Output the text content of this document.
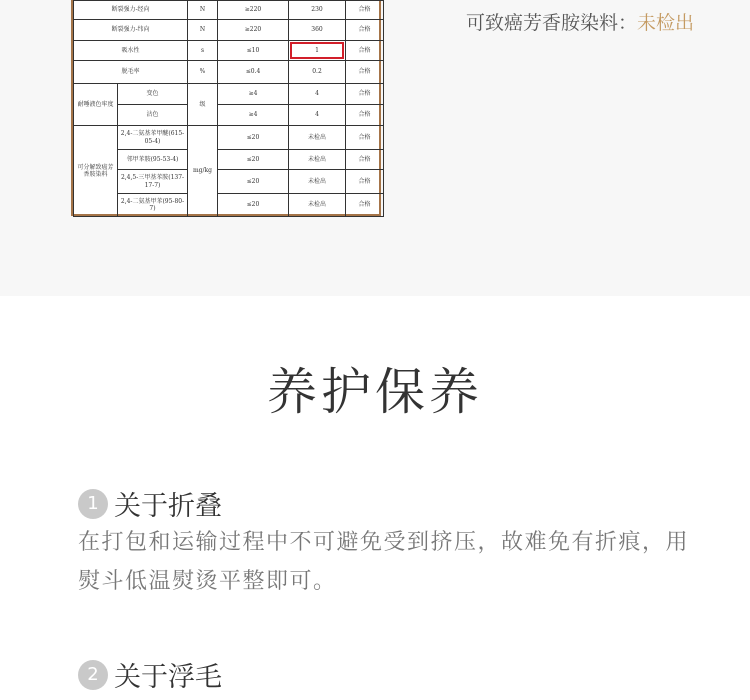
断裂强力-经向		N	≥220	230	合格
断裂强力-纬向		N	≥220	360	合格
吸水性		s	≤10	1	合格
脱毛率		%	≤0.4	0.2	合格
耐唾液色牢度	变色	级	≥4	4	合格
	沾色		≥4	4	合格
可分解致癌芳香胺染料	2,4-二氨基苯甲醚(615-05-4)	mg/kg	≤20	未检出	合格
	邻甲苯胺(95-53-4)		≤20	未检出	合格
	2,4,5-三甲基苯胺(137-17-7)		≤20	未检出	合格
	2,4-二氨基甲苯(95-80-7)		≤20	未检出	合格
可致癌芳香胺染料：未检出
养护保养
1 关于折叠
在打包和运输过程中不可避免受到挤压，故难免有折痕，用熨斗低温熨烫平整即可。
2 关于浮毛
